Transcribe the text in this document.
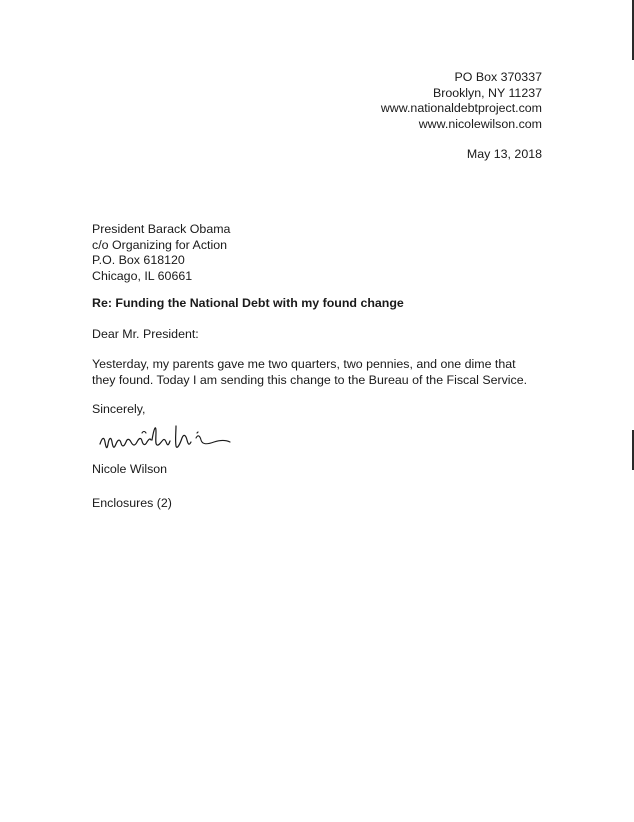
PO Box 370337
Brooklyn, NY 11237
www.nationaldebtproject.com
www.nicolewilson.com
May 13, 2018
President Barack Obama
c/o Organizing for Action
P.O. Box 618120
Chicago, IL 60661
Re: Funding the National Debt with my found change
Dear Mr. President:
Yesterday, my parents gave me two quarters, two pennies, and one dime that
they found. Today I am sending this change to the Bureau of the Fiscal Service.
Sincerely,
Nicole Wilson
Enclosures (2)
